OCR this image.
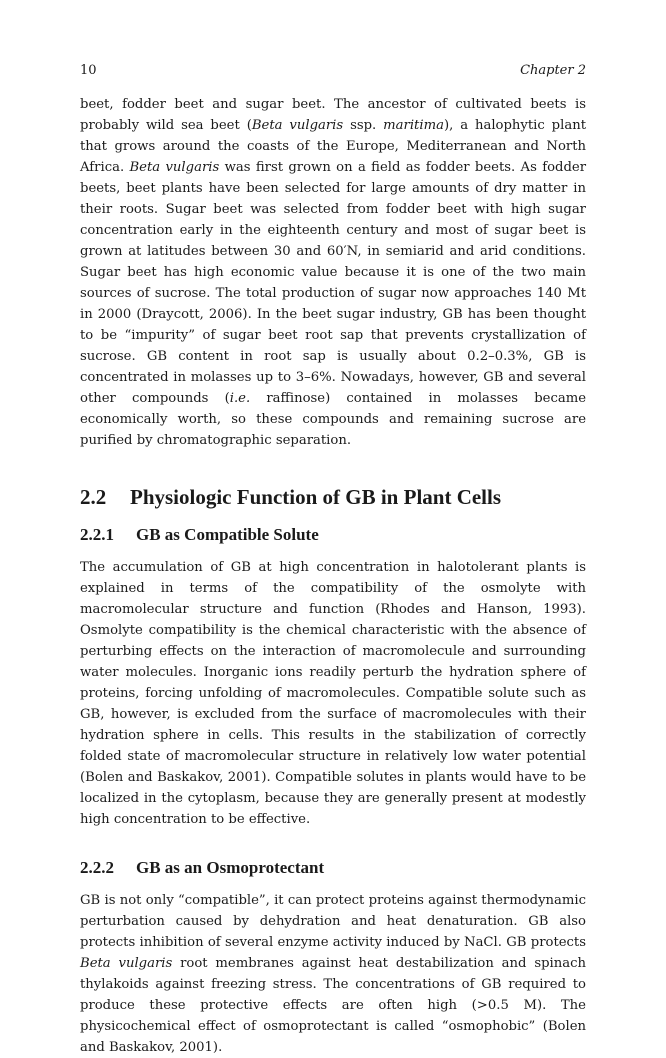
10	Chapter 2

beet, fodder beet and sugar beet. The ancestor of cultivated beets is probably wild sea beet (Beta vulgaris ssp. maritima), a halophytic plant that grows around the coasts of the Europe, Mediterranean and North Africa. Beta vulgaris was first grown on a field as fodder beets. As fodder beets, beet plants have been selected for large amounts of dry matter in their roots. Sugar beet was selected from fodder beet with high sugar concentration early in the eighteenth century and most of sugar beet is grown at latitudes between 30 and 60′N, in semiarid and arid conditions. Sugar beet has high economic value because it is one of the two main sources of sucrose. The total production of sugar now approaches 140 Mt in 2000 (Draycott, 2006). In the beet sugar industry, GB has been thought to be “impurity” of sugar beet root sap that prevents crystallization of sucrose. GB content in root sap is usually about 0.2–0.3%, GB is concentrated in molasses up to 3–6%. Nowadays, however, GB and several other compounds (i.e. raffinose) contained in molasses became economically worth, so these compounds and remaining sucrose are purified by chromatographic separation.

2.2	Physiologic Function of GB in Plant Cells
2.2.1	GB as Compatible Solute

The accumulation of GB at high concentration in halotolerant plants is explained in terms of the compatibility of the osmolyte with macromolecular structure and function (Rhodes and Hanson, 1993). Osmolyte compatibility is the chemical characteristic with the absence of perturbing effects on the interaction of macromolecule and surrounding water molecules. Inorganic ions readily perturb the hydration sphere of proteins, forcing unfolding of macromolecules. Compatible solute such as GB, however, is excluded from the surface of macromolecules with their hydration sphere in cells. This results in the stabilization of correctly folded state of macromolecular structure in relatively low water potential (Bolen and Baskakov, 2001). Compatible solutes in plants would have to be localized in the cytoplasm, because they are generally present at modestly high concentration to be effective.

2.2.2	GB as an Osmoprotectant

GB is not only “compatible”, it can protect proteins against thermodynamic perturbation caused by dehydration and heat denaturation. GB also protects inhibition of several enzyme activity induced by NaCl. GB protects Beta vulgaris root membranes against heat destabilization and spinach thylakoids against freezing stress. The concentrations of GB required to produce these protective effects are often high (>0.5 M). The physicochemical effect of osmoprotectant is called “osmophobic” (Bolen and Baskakov, 2001).
